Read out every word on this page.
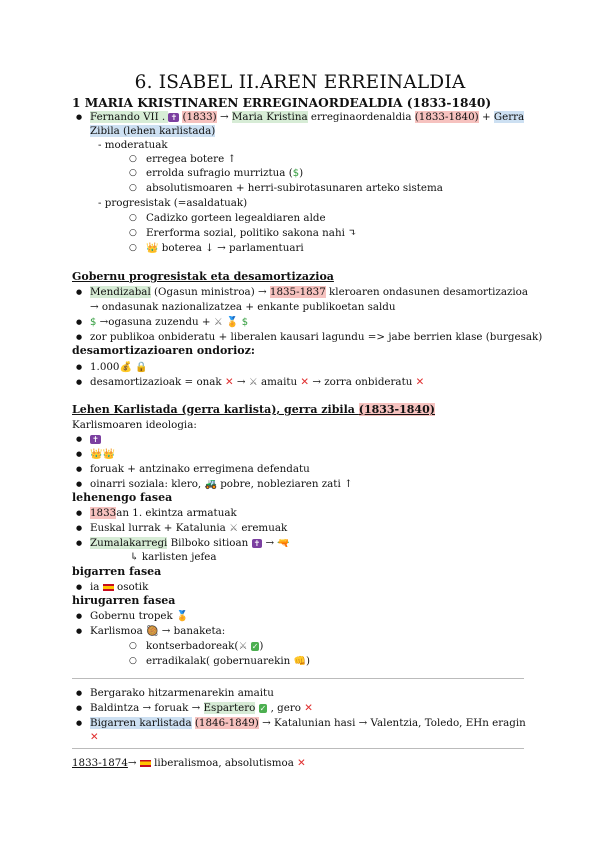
6. ISABEL II.AREN ERREINALDIA
1 MARIA KRISTINAREN ERREGINAORDEALDIA (1833-1840)
● Fernando VII . ✝ (1833) → Maria Kristina erreginaordenaldia (1833-1840) + Gerra
Zibila (lehen karlistada)
- moderatuak
○ erregea botere ↑
○ errolda sufragio murriztua ($)
○ absolutismoaren + herri-subirotasunaren arteko sistema
- progresistak (=asaldatuak)
○ Cadizko gorteen legealdiaren alde
○ Ererforma sozial, politiko sakona nahi ↴
○ 👑 boterea ↓ → parlamentuari
Gobernu progresistak eta desamortizazioa
● Mendizabal (Ogasun ministroa) → 1835-1837 kleroaren ondasunen desamortizazioa
→ ondasunak nazionalizatzea + enkante publikoetan saldu
● $ →ogasuna zuzendu + ⚔ 🏅 $
● zor publikoa onbideratu + liberalen kausari lagundu => jabe berrien klase (burgesak)
desamortizazioaren ondorioz:
● 1.000💰 🔒
● desamortizazioak = onak ✕ → ⚔ amaitu ✕ → zorra onbideratu ✕
Lehen Karlistada (gerra karlista), gerra zibila (1833-1840)
Karlismoaren ideologia:
● ✝
● 👑👑
● foruak + antzinako erregimena defendatu
● oinarri soziala: klero, 🚜 pobre, nobleziaren zati ↑
lehenengo fasea
● 1833an 1. ekintza armatuak
● Euskal lurrak + Katalunia ⚔ eremuak
● Zumalakarregi Bilboko sitioan ✝ → 🔫
↳ karlisten jefea
bigarren fasea
● ia  osotik
hirugarren fasea
● Gobernu tropek 🏅
● Karlismoa 🥘 → banaketa:
○ kontserbadoreak(⚔ ✓)
○ erradikalak( gobernuarekin 👊)
● Bergarako hitzarmenarekin amaitu
● Baldintza → foruak → Espartero ✓ , gero ✕
● Bigarren karlistada (1846-1849) → Katalunian hasi → Valentzia, Toledo, EHn eragin
✕
1833-1874→  liberalismoa, absolutismoa ✕
